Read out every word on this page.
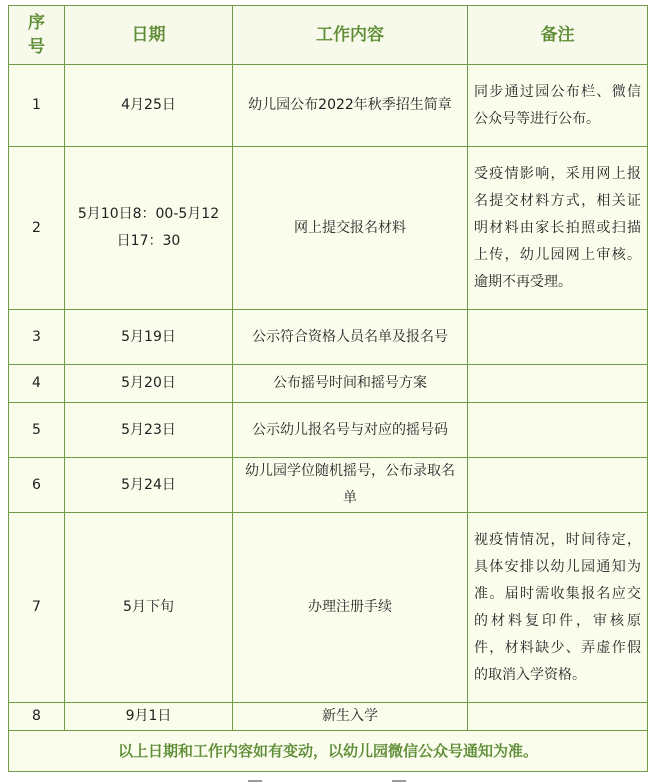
序号	日期	工作内容	备注
1	4月25日	幼儿园公布2022年秋季招生简章	同步通过园公布栏、微信公众号等进行公布。
2	5月10日8：00-5月12日17：30	网上提交报名材料	受疫情影响，采用网上报名提交材料方式，相关证明材料由家长拍照或扫描上传，幼儿园网上审核。逾期不再受理。
3	5月19日	公示符合资格人员名单及报名号	
4	5月20日	公布摇号时间和摇号方案	
5	5月23日	公示幼儿报名号与对应的摇号码	
6	5月24日	幼儿园学位随机摇号，公布录取名单	
7	5月下旬	办理注册手续	视疫情情况，时间待定，具体安排以幼儿园通知为准。届时需收集报名应交的材料复印件，审核原件，材料缺少、弄虚作假的取消入学资格。
8	9月1日	新生入学	
以上日期和工作内容如有变动，以幼儿园微信公众号通知为准。			
